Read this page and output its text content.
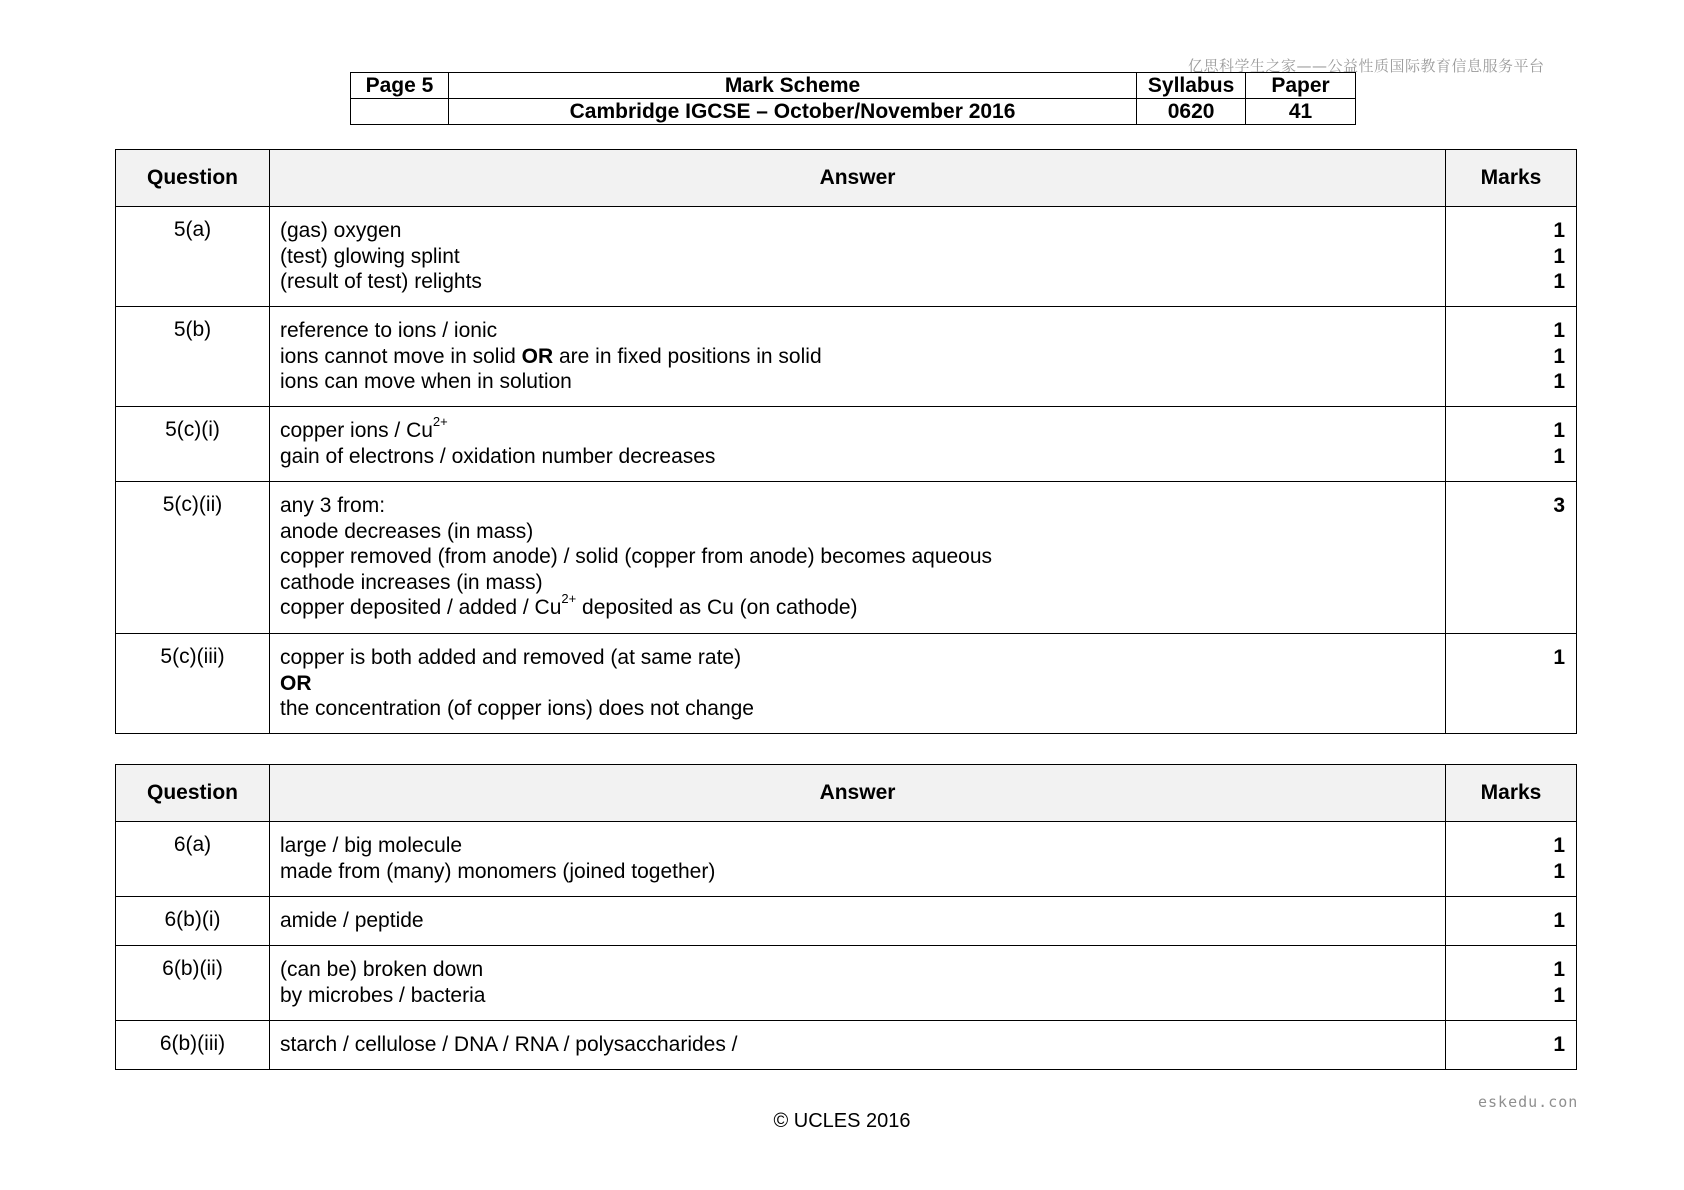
亿思科学生之家——公益性质国际教育信息服务平台
Page 5	Mark Scheme	Syllabus	Paper
	Cambridge IGCSE – October/November 2016	0620	41
Question	Answer	Marks
5(a)	(gas) oxygen
(test) glowing splint
(result of test) relights	1
1
1

5(b)	reference to ions / ionic
ions cannot move in solid OR are in fixed positions in solid
ions can move when in solution	1
1
1

5(c)(i)	copper ions / $Cu^{2+}$
gain of electrons / oxidation number decreases	1
1

5(c)(ii)	any 3 from:
anode decreases (in mass)
copper removed (from anode) / solid (copper from anode) becomes aqueous
cathode increases (in mass)
copper deposited / added / $Cu^{2+}$ deposited as Cu (on cathode)	3

5(c)(iii)	copper is both added and removed (at same rate)
OR
the concentration (of copper ions) does not change	1
Question	Answer	Marks
6(a)	large / big molecule
made from (many) monomers (joined together)	1
1

6(b)(i)	amide / peptide	1

6(b)(ii)	(can be) broken down
by microbes / bacteria	1
1

6(b)(iii)	starch / cellulose / DNA / RNA / polysaccharides /	1
eskedu.con
© UCLES 2016
